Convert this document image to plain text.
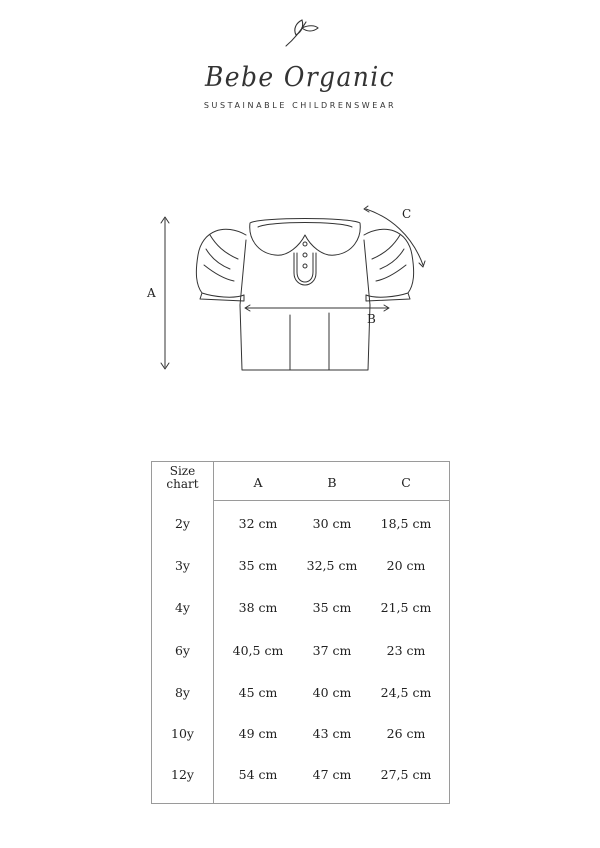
Bebe Organic
SUSTAINABLE CHILDRENSWEAR
A
B
C
Size
chart	A	B	C
2y	32 cm	30 cm	18,5 cm
3y	35 cm	32,5 cm	20 cm
4y	38 cm	35 cm	21,5 cm
6y	40,5 cm	37 cm	23 cm
8y	45 cm	40 cm	24,5 cm
10y	49 cm	43 cm	26 cm
12y	54 cm	47 cm	27,5 cm
